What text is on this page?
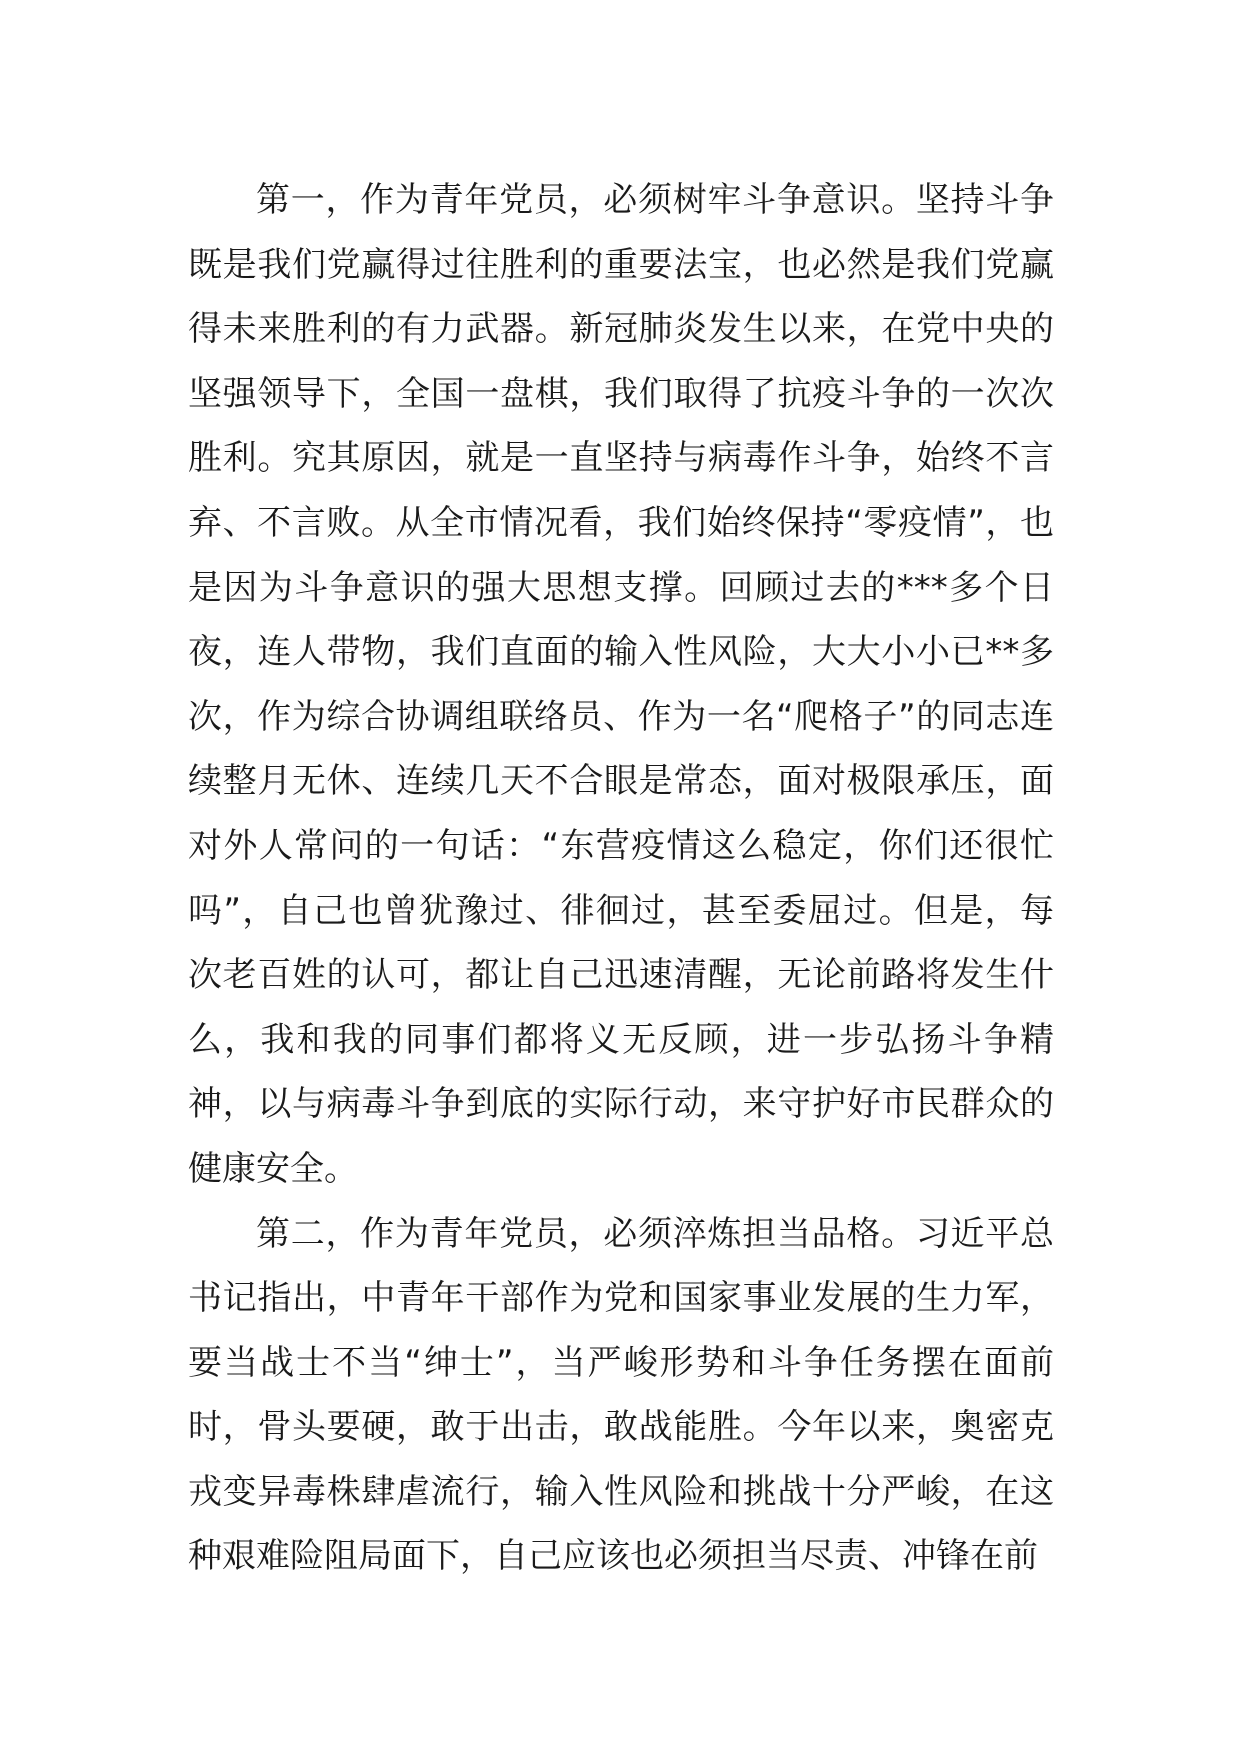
第一，作为青年党员，必须树牢斗争意识。坚持斗争既是我们党赢得过往胜利的重要法宝，也必然是我们党赢得未来胜利的有力武器。新冠肺炎发生以来，在党中央的坚强领导下，全国一盘棋，我们取得了抗疫斗争的一次次胜利。究其原因，就是一直坚持与病毒作斗争，始终不言弃、不言败。从全市情况看，我们始终保持“零疫情”，也是因为斗争意识的强大思想支撑。回顾过去的***多个日夜，连人带物，我们直面的输入性风险，大大小小已**多次，作为综合协调组联络员、作为一名“爬格子”的同志连续整月无休、连续几天不合眼是常态，面对极限承压，面对外人常问的一句话：“东营疫情这么稳定，你们还很忙吗”，自己也曾犹豫过、徘徊过，甚至委屈过。但是，每次老百姓的认可，都让自己迅速清醒，无论前路将发生什么，我和我的同事们都将义无反顾，进一步弘扬斗争精神，以与病毒斗争到底的实际行动，来守护好市民群众的健康安全。

第二，作为青年党员，必须淬炼担当品格。习近平总书记指出，中青年干部作为党和国家事业发展的生力军，要当战士不当“绅士”，当严峻形势和斗争任务摆在面前时，骨头要硬，敢于出击，敢战能胜。今年以来，奥密克戎变异毒株肆虐流行，输入性风险和挑战十分严峻，在这种艰难险阻局面下，自己应该也必须担当尽责、冲锋在前
